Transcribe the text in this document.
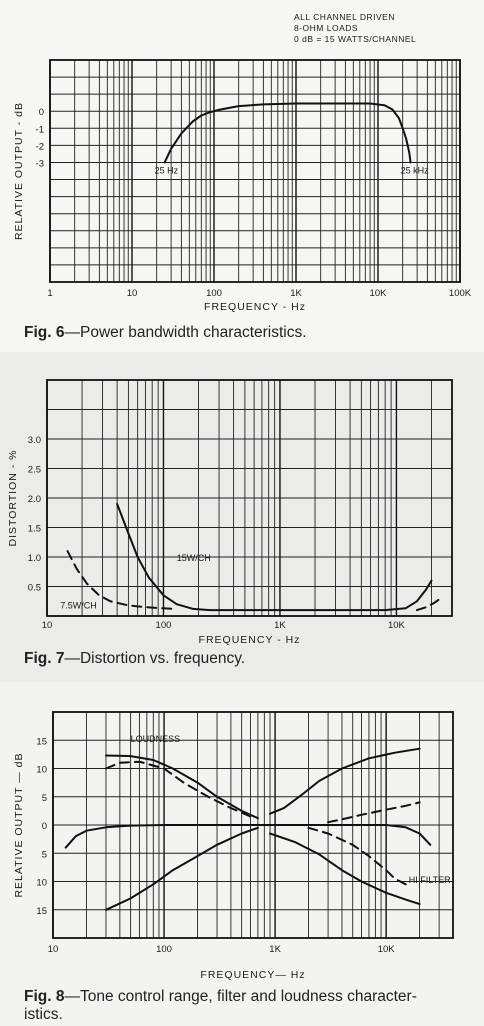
1	10	100	1K	10K	100K
0
-1
-2
-3
FREQUENCY - Hz
RELATIVE OUTPUT - dB	25 Hz	25 kHz
ALL CHANNEL DRIVEN
8-OHM LOADS
0 dB = 15 WATTS/CHANNEL
Fig. 6—Power bandwidth characteristics.
10	100	1K	10K
0.5
1.0
1.5
2.0
2.5
3.0
FREQUENCY - Hz
DISTORTION - %
15W/CH
7.5W/CH
Fig. 7—Distortion vs. frequency.
10	100	1K	10K
15
10
5
0
5
10
15
FREQUENCY— Hz
RELATIVE OUTPUT — dB
LOUDNESS
HI FILTER
Fig. 8—Tone control range, filter and loudness character-
istics.
